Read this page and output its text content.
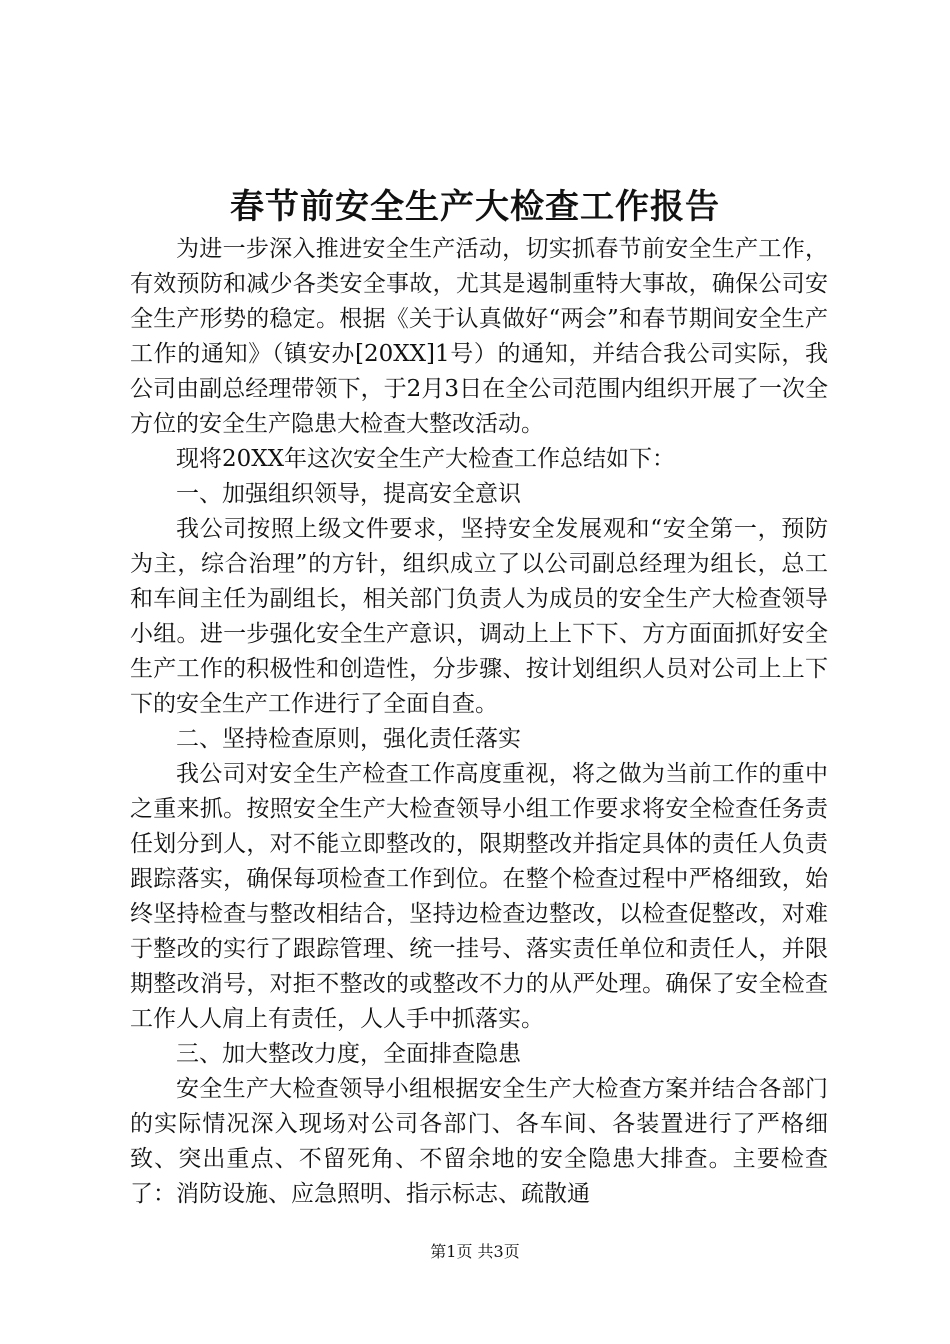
春节前安全生产大检查工作报告

为进一步深入推进安全生产活动，切实抓春节前安全生产工作，有效预防和减少各类安全事故，尤其是遏制重特大事故，确保公司安全生产形势的稳定。根据《关于认真做好“两会”和春节期间安全生产工作的通知》（镇安办[20XX]1号）的通知，并结合我公司实际，我公司由副总经理带领下，于2月3日在全公司范围内组织开展了一次全方位的安全生产隐患大检查大整改活动。

现将20XX年这次安全生产大检查工作总结如下：

一、加强组织领导，提高安全意识

我公司按照上级文件要求，坚持安全发展观和“安全第一，预防为主，综合治理”的方针，组织成立了以公司副总经理为组长，总工和车间主任为副组长，相关部门负责人为成员的安全生产大检查领导小组。进一步强化安全生产意识，调动上上下下、方方面面抓好安全生产工作的积极性和创造性，分步骤、按计划组织人员对公司上上下下的安全生产工作进行了全面自查。

二、坚持检查原则，强化责任落实

我公司对安全生产检查工作高度重视，将之做为当前工作的重中之重来抓。按照安全生产大检查领导小组工作要求将安全检查任务责任划分到人，对不能立即整改的，限期整改并指定具体的责任人负责跟踪落实，确保每项检查工作到位。在整个检查过程中严格细致，始终坚持检查与整改相结合，坚持边检查边整改，以检查促整改，对难于整改的实行了跟踪管理、统一挂号、落实责任单位和责任人，并限期整改消号，对拒不整改的或整改不力的从严处理。确保了安全检查工作人人肩上有责任，人人手中抓落实。

三、加大整改力度，全面排查隐患

安全生产大检查领导小组根据安全生产大检查方案并结合各部门的实际情况深入现场对公司各部门、各车间、各装置进行了严格细致、突出重点、不留死角、不留余地的安全隐患大排查。主要检查了：消防设施、应急照明、指示标志、疏散通

第1页 共3页
